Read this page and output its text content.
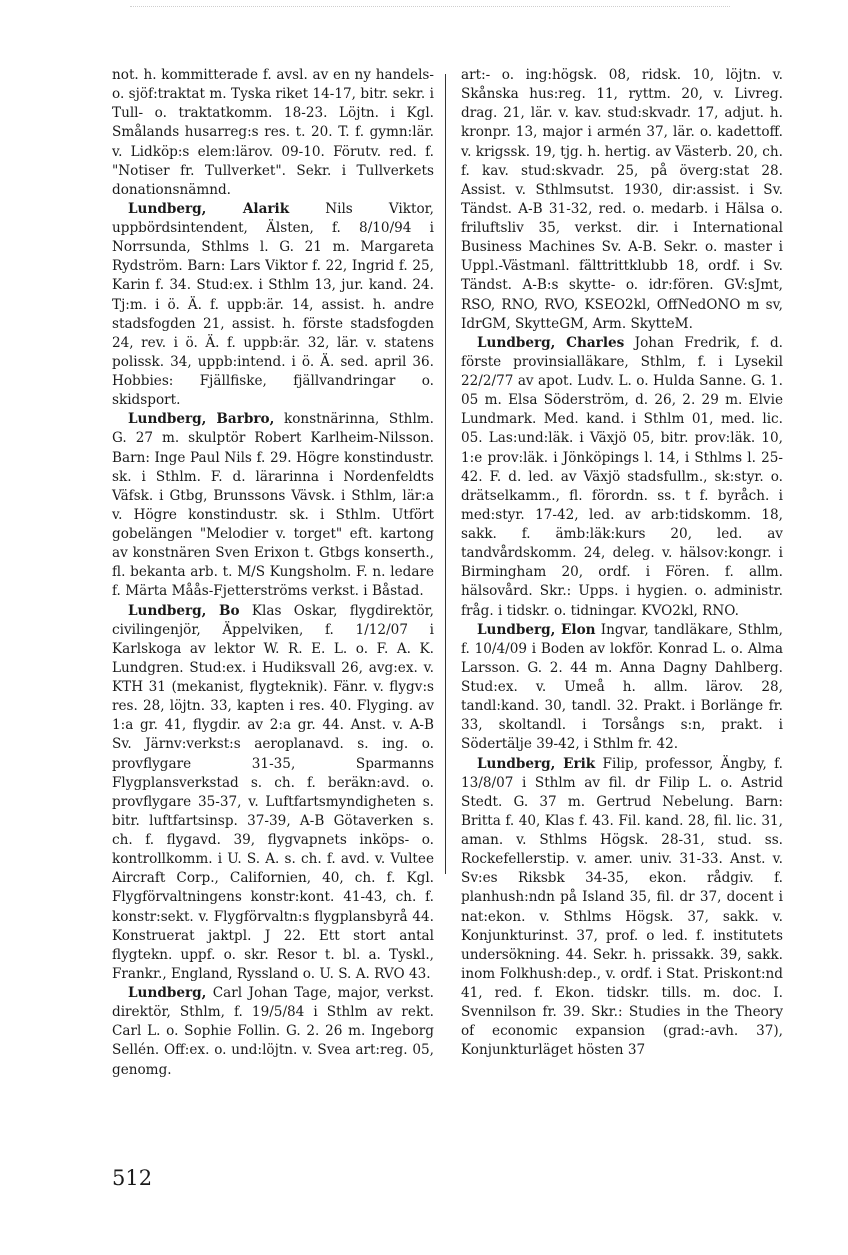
not. h. kommitterade f. avsl. av en ny handels- o. sjöf:traktat m. Tyska riket 14-17, bitr. sekr. i Tull- o. traktatkomm. 18-23. Löjtn. i Kgl. Smålands husarreg:s res. t. 20. T. f. gymn:lär. v. Lidköp:s elem:lärov. 09-10. Förutv. red. f. "Notiser fr. Tullverket". Sekr. i Tullverkets donationsnämnd.

Lundberg, Alarik Nils Viktor, uppbördsintendent, Älsten, f. 8/10/94 i Norrsunda, Sthlms l. G. 21 m. Margareta Rydström. Barn: Lars Viktor f. 22, Ingrid f. 25, Karin f. 34. Stud:ex. i Sthlm 13, jur. kand. 24. Tj:m. i ö. Ä. f. uppb:är. 14, assist. h. andre stadsfogden 21, assist. h. förste stadsfogden 24, rev. i ö. Ä. f. uppb:är. 32, lär. v. statens polissk. 34, uppb:intend. i ö. Ä. sed. april 36. Hobbies: Fjällfiske, fjällvandringar o. skidsport.

Lundberg, Barbro, konstnärinna, Sthlm. G. 27 m. skulptör Robert Karlheim-Nilsson. Barn: Inge Paul Nils f. 29. Högre konstindustr. sk. i Sthlm. F. d. lärarinna i Nordenfeldts Väfsk. i Gtbg, Brunssons Vävsk. i Sthlm, lär:a v. Högre konstindustr. sk. i Sthlm. Utfört gobelängen "Melodier v. torget" eft. kartong av konstnären Sven Erixon t. Gtbgs konserth., fl. bekanta arb. t. M/S Kungsholm. F. n. ledare f. Märta Måås-Fjetterströms verkst. i Båstad.

Lundberg, Bo Klas Oskar, flygdirektör, civilingenjör, Äppelviken, f. 1/12/07 i Karlskoga av lektor W. R. E. L. o. F. A. K. Lundgren. Stud:ex. i Hudiksvall 26, avg:ex. v. KTH 31 (mekanist, flygteknik). Fänr. v. flygv:s res. 28, löjtn. 33, kapten i res. 40. Flyging. av 1:a gr. 41, flygdir. av 2:a gr. 44. Anst. v. A-B Sv. Järnv:verkst:s aeroplanavd. s. ing. o. provflygare 31-35, Sparmanns Flygplansverkstad s. ch. f. beräkn:avd. o. provflygare 35-37, v. Luftfartsmyndigheten s. bitr. luftfartsinsp. 37-39, A-B Götaverken s. ch. f. flygavd. 39, flygvapnets inköps- o. kontrollkomm. i U. S. A. s. ch. f. avd. v. Vultee Aircraft Corp., Californien, 40, ch. f. Kgl. Flygförvaltningens konstr:kont. 41-43, ch. f. konstr:sekt. v. Flygförvaltn:s flygplansbyrå 44. Konstruerat jaktpl. J 22. Ett stort antal flygtekn. uppf. o. skr. Resor t. bl. a. Tyskl., Frankr., England, Ryssland o. U. S. A. RVO 43.

Lundberg, Carl Johan Tage, major, verkst. direktör, Sthlm, f. 19/5/84 i Sthlm av rekt. Carl L. o. Sophie Follin. G. 2. 26 m. Ingeborg Sellén. Off:ex. o. und:löjtn. v. Svea art:reg. 05, genomg.

art:- o. ing:högsk. 08, ridsk. 10, löjtn. v. Skånska hus:reg. 11, ryttm. 20, v. Livreg. drag. 21, lär. v. kav. stud:skvadr. 17, adjut. h. kronpr. 13, major i armén 37, lär. o. kadettoff. v. krigssk. 19, tjg. h. hertig. av Västerb. 20, ch. f. kav. stud:skvadr. 25, på överg:stat 28. Assist. v. Sthlmsutst. 1930, dir:assist. i Sv. Tändst. A-B 31-32, red. o. medarb. i Hälsa o. friluftsliv 35, verkst. dir. i International Business Machines Sv. A-B. Sekr. o. master i Uppl.-Västmanl. fälttrittklubb 18, ordf. i Sv. Tändst. A-B:s skytte- o. idr:fören. GV:sJmt, RSO, RNO, RVO, KSEO2kl, OffNedONO m sv, IdrGM, SkytteGM, Arm. SkytteM.

Lundberg, Charles Johan Fredrik, f. d. förste provinsialläkare, Sthlm, f. i Lysekil 22/2/77 av apot. Ludv. L. o. Hulda Sanne. G. 1. 05 m. Elsa Söderström, d. 26, 2. 29 m. Elvie Lundmark. Med. kand. i Sthlm 01, med. lic. 05. Las:und:läk. i Växjö 05, bitr. prov:läk. 10, 1:e prov:läk. i Jönköpings l. 14, i Sthlms l. 25-42. F. d. led. av Växjö stadsfullm., sk:styr. o. drätselkamm., fl. förordn. ss. t f. byråch. i med:styr. 17-42, led. av arb:tidskomm. 18, sakk. f. ämb:läk:kurs 20, led. av tandvårdskomm. 24, deleg. v. hälsov:kongr. i Birmingham 20, ordf. i Fören. f. allm. hälsovård. Skr.: Upps. i hygien. o. administr. fråg. i tidskr. o. tidningar. KVO2kl, RNO.

Lundberg, Elon Ingvar, tandläkare, Sthlm, f. 10/4/09 i Boden av lokför. Konrad L. o. Alma Larsson. G. 2. 44 m. Anna Dagny Dahlberg. Stud:ex. v. Umeå h. allm. lärov. 28, tandl:kand. 30, tandl. 32. Prakt. i Borlänge fr. 33, skoltandl. i Torsångs s:n, prakt. i Södertälje 39-42, i Sthlm fr. 42.

Lundberg, Erik Filip, professor, Ängby, f. 13/8/07 i Sthlm av fil. dr Filip L. o. Astrid Stedt. G. 37 m. Gertrud Nebelung. Barn: Britta f. 40, Klas f. 43. Fil. kand. 28, fil. lic. 31, aman. v. Sthlms Högsk. 28-31, stud. ss. Rockefellerstip. v. amer. univ. 31-33. Anst. v. Sv:es Riksbk 34-35, ekon. rådgiv. f. planhush:ndn på Island 35, fil. dr 37, docent i nat:ekon. v. Sthlms Högsk. 37, sakk. v. Konjunkturinst. 37, prof. o led. f. institutets undersökning. 44. Sekr. h. prissakk. 39, sakk. inom Folkhush:dep., v. ordf. i Stat. Priskont:nd 41, red. f. Ekon. tidskr. tills. m. doc. I. Svennilson fr. 39. Skr.: Studies in the Theory of economic expansion (grad:-avh. 37), Konjunkturläget hösten 37

512
